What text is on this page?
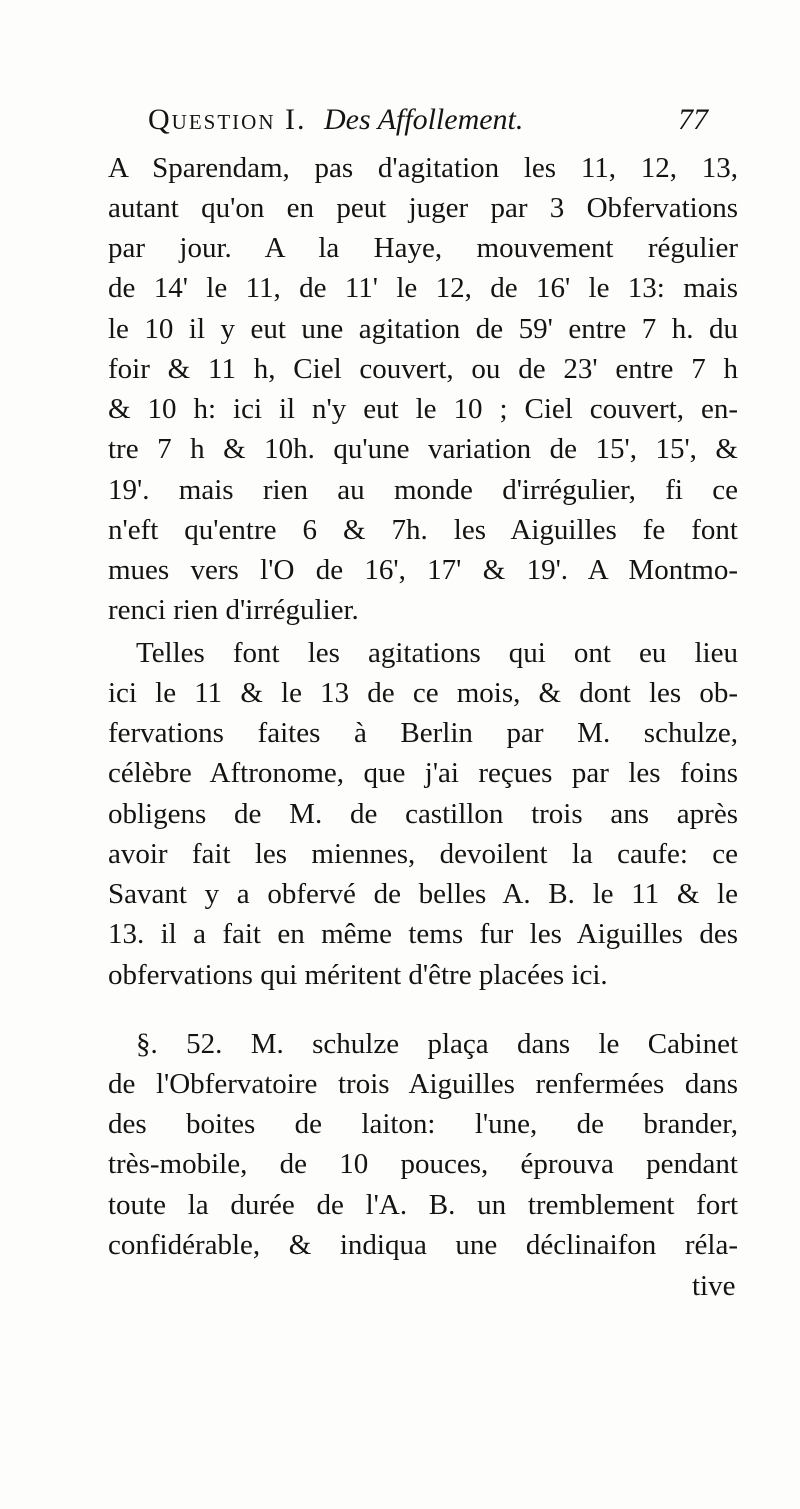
Question I. Des Affollement.	77
A Sparendam, pas d'agitation les 11, 12, 13,
autant qu'on en peut juger par 3 Obfervations
par jour. A la Haye, mouvement régulier
de 14' le 11, de 11' le 12, de 16' le 13: mais
le 10 il y eut une agitation de 59' entre 7 h. du
foir & 11 h, Ciel couvert, ou de 23' entre 7 h
& 10 h: ici il n'y eut le 10 ; Ciel couvert, en-
tre 7 h & 10h. qu'une variation de 15', 15', &
19'. mais rien au monde d'irrégulier, fi ce
n'eft qu'entre 6 & 7h. les Aiguilles fe font
mues vers l'O de 16', 17' & 19'. A Montmo-
renci rien d'irrégulier.
Telles font les agitations qui ont eu lieu
ici le 11 & le 13 de ce mois, & dont les ob-
fervations faites à Berlin par M. schulze,
célèbre Aftronome, que j'ai reçues par les foins
obligens de M. de castillon trois ans après
avoir fait les miennes, devoilent la caufe: ce
Savant y a obfervé de belles A. B. le 11 & le
13. il a fait en même tems fur les Aiguilles des
obfervations qui méritent d'être placées ici.
§. 52. M. schulze plaça dans le Cabinet
de l'Obfervatoire trois Aiguilles renfermées dans
des boites de laiton: l'une, de brander,
très-mobile, de 10 pouces, éprouva pendant
toute la durée de l'A. B. un tremblement fort
confidérable, & indiqua une déclinaifon réla-
tive
